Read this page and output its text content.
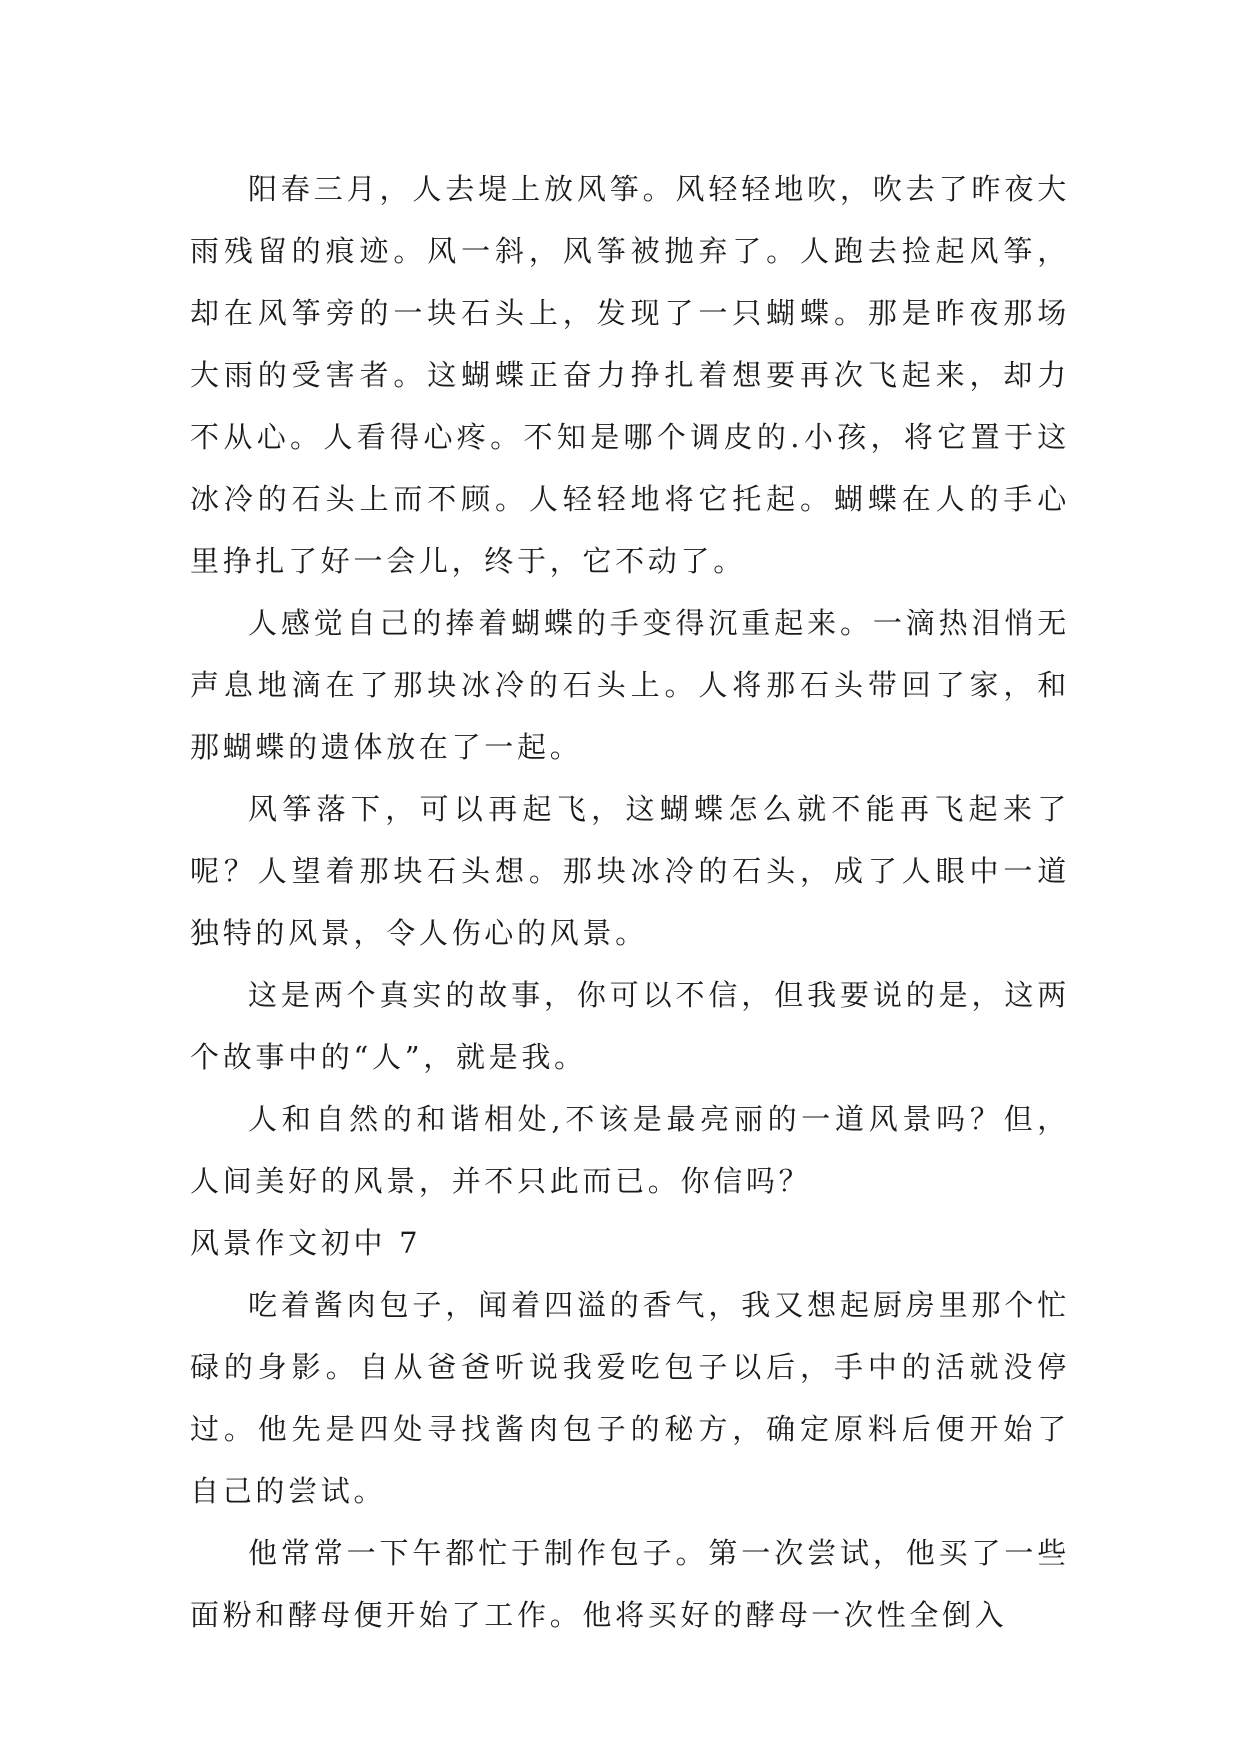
阳春三月，人去堤上放风筝。风轻轻地吹，吹去了昨夜大雨残留的痕迹。风一斜，风筝被抛弃了。人跑去捡起风筝，却在风筝旁的一块石头上，发现了一只蝴蝶。那是昨夜那场大雨的受害者。这蝴蝶正奋力挣扎着想要再次飞起来，却力不从心。人看得心疼。不知是哪个调皮的.小孩，将它置于这冰冷的石头上而不顾。人轻轻地将它托起。蝴蝶在人的手心里挣扎了好一会儿，终于，它不动了。

人感觉自己的捧着蝴蝶的手变得沉重起来。一滴热泪悄无声息地滴在了那块冰冷的石头上。人将那石头带回了家，和那蝴蝶的遗体放在了一起。

风筝落下，可以再起飞，这蝴蝶怎么就不能再飞起来了呢？人望着那块石头想。那块冰冷的石头，成了人眼中一道独特的风景，令人伤心的风景。

这是两个真实的故事，你可以不信，但我要说的是，这两个故事中的“人”，就是我。

人和自然的和谐相处,不该是最亮丽的一道风景吗？但，人间美好的风景，并不只此而已。你信吗？

风景作文初中 7

吃着酱肉包子，闻着四溢的香气，我又想起厨房里那个忙碌的身影。自从爸爸听说我爱吃包子以后，手中的活就没停过。他先是四处寻找酱肉包子的秘方，确定原料后便开始了自己的尝试。

他常常一下午都忙于制作包子。第一次尝试，他买了一些面粉和酵母便开始了工作。他将买好的酵母一次性全倒入
